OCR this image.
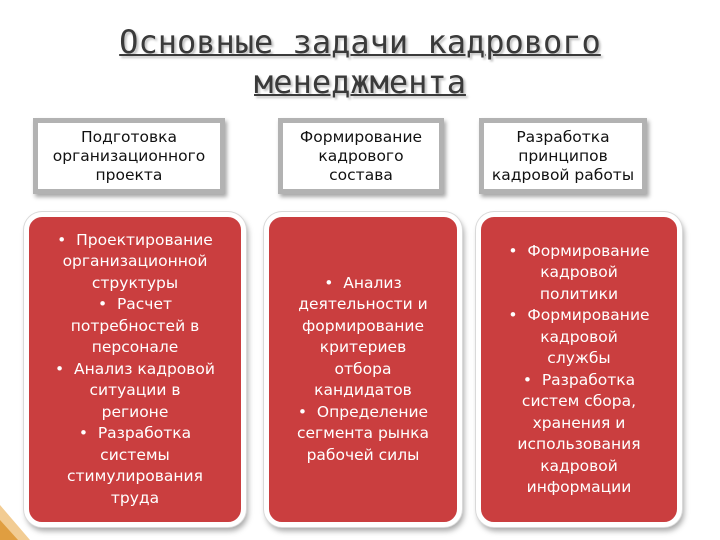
Основные задачи кадрового
менеджмента
Подготовка
организационного
проекта
Формирование
кадрового
состава
Разработка
принципов
кадровой работы
•  Проектирование
организационной
структуры
•  Расчет
потребностей в
персонале
•  Анализ кадровой
ситуации в
регионе
•  Разработка
системы
стимулирования
труда
•  Анализ
деятельности и
формирование
критериев
отбора
кандидатов
•  Определение
сегмента рынка
рабочей силы
•  Формирование
кадровой
политики
•  Формирование
кадровой
службы
•  Разработка
систем сбора,
хранения и
использования
кадровой
информации
